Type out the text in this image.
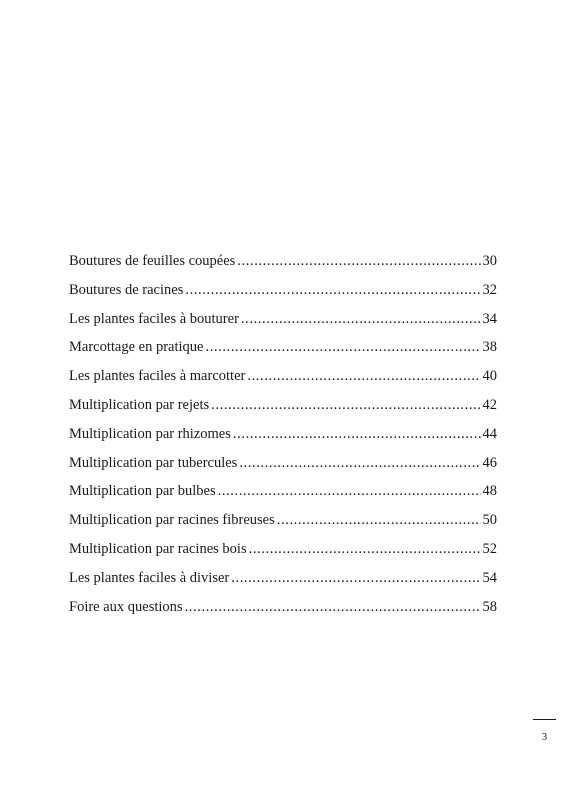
Boutures de feuilles coupées .....	30
Boutures de racines .....	32
Les plantes faciles à bouturer .....	34
Marcottage en pratique .....	38
Les plantes faciles à marcotter .....	40
Multiplication par rejets .....	42
Multiplication par rhizomes .....	44
Multiplication par tubercules .....	46
Multiplication par bulbes .....	48
Multiplication par racines fibreuses .....	50
Multiplication par racines bois .....	52
Les plantes faciles à diviser .....	54
Foire aux questions .....	58
3
